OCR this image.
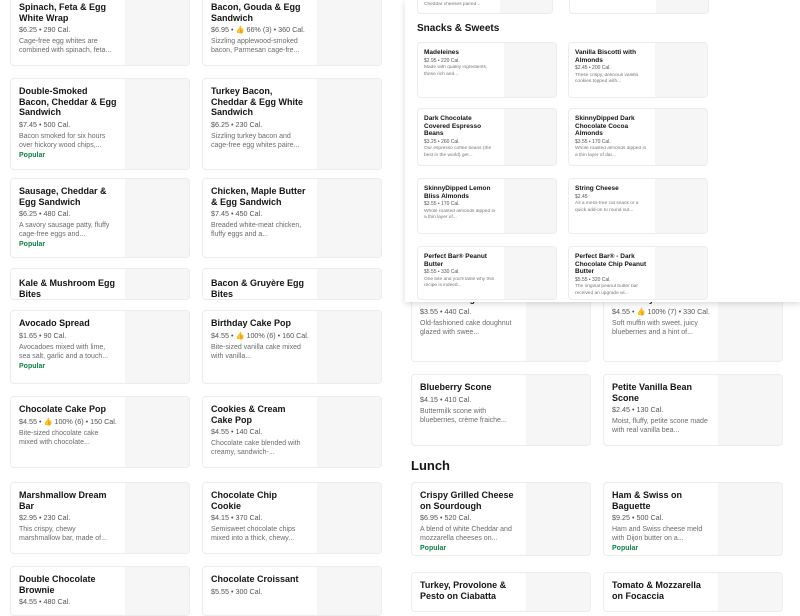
Spinach, Feta & Egg White Wrap
$6.25 • 290 Cal.
Cage-free egg whites are combined with spinach, feta...
Double-Smoked Bacon, Cheddar & Egg Sandwich
$7.45 • 500 Cal.
Bacon smoked for six hours over hickory wood chips,...
Popular
Sausage, Cheddar & Egg Sandwich
$6.25 • 480 Cal.
A savory sausage patty, fluffy cage-free eggs and...
Popular
Kale & Mushroom Egg Bites
Avocado Spread
$1.65 • 90 Cal.
Avocadoes mixed with lime, sea salt, garlic and a touch...
Popular
Chocolate Cake Pop
$4.55 • 👍 100% (6) • 150 Cal.
Bite-sized chocolate cake mixed with chocolate...
Marshmallow Dream Bar
$2.95 • 230 Cal.
This crispy, chewy marshmallow bar, made of...
Double Chocolate Brownie
$4.55 • 480 Cal.
Bacon, Gouda & Egg Sandwich
$6.95 • 👍 66% (3) • 360 Cal.
Sizzling applewood-smoked bacon, Parmesan cage-fre...
Turkey Bacon, Cheddar & Egg White Sandwich
$6.25 • 230 Cal.
Sizzling turkey bacon and cage-free egg whites paire...
Chicken, Maple Butter & Egg Sandwich
$7.45 • 450 Cal.
Breaded white-meat chicken, fluffy eggs and a...
Bacon & Gruyère Egg Bites
Birthday Cake Pop
$4.55 • 👍 100% (6) • 160 Cal.
Bite-sized vanilla cake mixed with vanilla...
Cookies & Cream Cake Pop
$4.55 • 140 Cal.
Chocolate cake blended with creamy, sandwich-...
Chocolate Chip Cookie
$4.15 • 370 Cal.
Semisweet chocolate chips mixed into a thick, chewy...
Chocolate Croissant
$5.55 • 300 Cal.
$3.55 • 440 Cal.
Old-fashioned cake doughnut glazed with swee...
$4.55 • 👍 100% (7) • 330 Cal.
Soft muffin with sweet, juicy blueberries and a hint of...
Blueberry Scone
$4.15 • 410 Cal.
Buttermilk scone with blueberries, crème fraiche...
Petite Vanilla Bean Scone
$2.45 • 130 Cal.
Moist, fluffy, petite scone made with real vanilla bea...
Lunch
Crispy Grilled Cheese on Sourdough
$6.95 • 520 Cal.
A blend of white Cheddar and mozzarella cheeses on...
Popular
Ham & Swiss on Baguette
$9.25 • 500 Cal.
Ham and Swiss cheese meld with Dijon butter on a...
Popular
Turkey, Provolone & Pesto on Ciabatta
Tomato & Mozzarella on Focaccia
Cheddar cheeses paired...
Snacks & Sweets
Madeleines
$2.95 • 220 Cal.
Made with quality ingredients, these rich and...
Vanilla Biscotti with Almonds
$2.45 • 200 Cal.
These crispy, delicious vanilla cookies topped with...
Dark Chocolate Covered Espresso Beans
$3.25 • 260 Cal.
Our espresso coffee beans (the best in the world) get...
SkinnyDipped Dark Chocolate Cocoa Almonds
$3.55 • 170 Cal.
Whole roasted almonds dipped in a thin layer of dar...
SkinnyDipped Lemon Bliss Almonds
$3.55 • 170 Cal.
Whole roasted almonds dipped in a thin layer of...
String Cheese
$2.45
As a mess-free cat snack or a quick add-on to round out...
Perfect Bar® Peanut Butter
$5.55 • 330 Cal.
One bite and you'll taste why this recipe is indeed...
Perfect Bar® - Dark Chocolate Chip Peanut Butter
$5.55 • 320 Cal.
The original peanut butter bar received an upgrade wi...
